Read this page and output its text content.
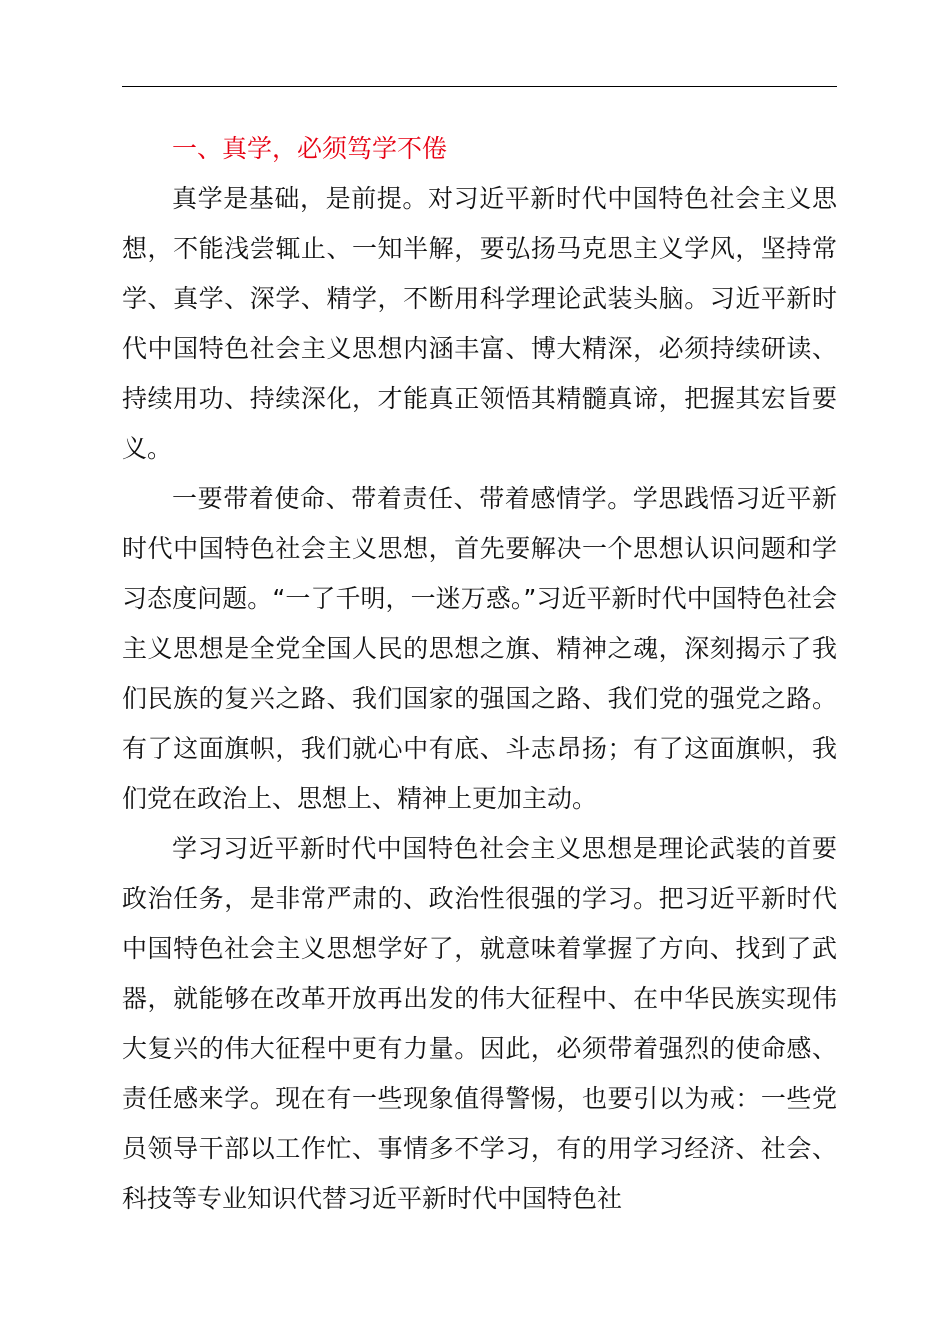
一、真学，必须笃学不倦

真学是基础，是前提。对习近平新时代中国特色社会主义思想，不能浅尝辄止、一知半解，要弘扬马克思主义学风，坚持常学、真学、深学、精学，不断用科学理论武装头脑。习近平新时代中国特色社会主义思想内涵丰富、博大精深，必须持续研读、持续用功、持续深化，才能真正领悟其精髓真谛，把握其宏旨要义。

一要带着使命、带着责任、带着感情学。学思践悟习近平新时代中国特色社会主义思想，首先要解决一个思想认识问题和学习态度问题。“一了千明，一迷万惑。”习近平新时代中国特色社会主义思想是全党全国人民的思想之旗、精神之魂，深刻揭示了我们民族的复兴之路、我们国家的强国之路、我们党的强党之路。有了这面旗帜，我们就心中有底、斗志昂扬；有了这面旗帜，我们党在政治上、思想上、精神上更加主动。

学习习近平新时代中国特色社会主义思想是理论武装的首要政治任务，是非常严肃的、政治性很强的学习。把习近平新时代中国特色社会主义思想学好了，就意味着掌握了方向、找到了武器，就能够在改革开放再出发的伟大征程中、在中华民族实现伟大复兴的伟大征程中更有力量。因此，必须带着强烈的使命感、责任感来学。现在有一些现象值得警惕，也要引以为戒：一些党员领导干部以工作忙、事情多不学习，有的用学习经济、社会、科技等专业知识代替习近平新时代中国特色社
